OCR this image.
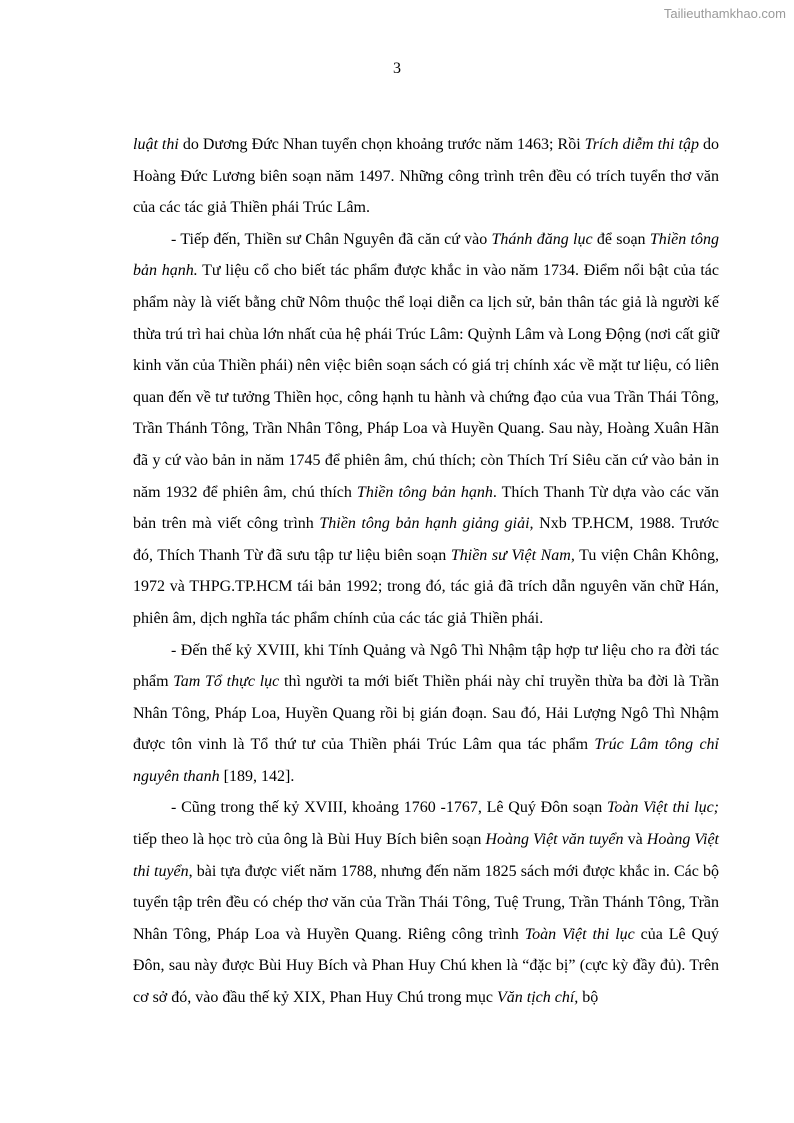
Tailieuthamkhao.com
3

luật thi do Dương Đức Nhan tuyển chọn khoảng trước năm 1463; Rồi Trích diễm thi tập do Hoàng Đức Lương biên soạn năm 1497. Những công trình trên đều có trích tuyển thơ văn của các tác giả Thiền phái Trúc Lâm.

- Tiếp đến, Thiền sư Chân Nguyên đã căn cứ vào Thánh đăng lục để soạn Thiền tông bản hạnh. Tư liệu cổ cho biết tác phẩm được khắc in vào năm 1734. Điểm nổi bật của tác phẩm này là viết bằng chữ Nôm thuộc thể loại diễn ca lịch sử, bản thân tác giả là người kế thừa trú trì hai chùa lớn nhất của hệ phái Trúc Lâm: Quỳnh Lâm và Long Động (nơi cất giữ kinh văn của Thiền phái) nên việc biên soạn sách có giá trị chính xác về mặt tư liệu, có liên quan đến về tư tưởng Thiền học, công hạnh tu hành và chứng đạo của vua Trần Thái Tông, Trần Thánh Tông, Trần Nhân Tông, Pháp Loa và Huyền Quang. Sau này, Hoàng Xuân Hãn đã y cứ vào bản in năm 1745 để phiên âm, chú thích; còn Thích Trí Siêu căn cứ vào bản in năm 1932 để phiên âm, chú thích Thiền tông bản hạnh. Thích Thanh Từ dựa vào các văn bản trên mà viết công trình Thiền tông bản hạnh giảng giải, Nxb TP.HCM, 1988. Trước đó, Thích Thanh Từ đã sưu tập tư liệu biên soạn Thiền sư Việt Nam, Tu viện Chân Không, 1972 và THPG.TP.HCM tái bản 1992; trong đó, tác giả đã trích dẫn nguyên văn chữ Hán, phiên âm, dịch nghĩa tác phẩm chính của các tác giả Thiền phái.

- Đến thế kỷ XVIII, khi Tính Quảng và Ngô Thì Nhậm tập hợp tư liệu cho ra đời tác phẩm Tam Tổ thực lục thì người ta mới biết Thiền phái này chỉ truyền thừa ba đời là Trần Nhân Tông, Pháp Loa, Huyền Quang rồi bị gián đoạn. Sau đó, Hải Lượng Ngô Thì Nhậm được tôn vinh là Tổ thứ tư của Thiền phái Trúc Lâm qua tác phẩm Trúc Lâm tông chỉ nguyên thanh [189, 142].

- Cũng trong thế kỷ XVIII, khoảng 1760 -1767, Lê Quý Đôn soạn Toàn Việt thi lục; tiếp theo là học trò của ông là Bùi Huy Bích biên soạn Hoàng Việt văn tuyển và Hoàng Việt thi tuyển, bài tựa được viết năm 1788, nhưng đến năm 1825 sách mới được khắc in. Các bộ tuyển tập trên đều có chép thơ văn của Trần Thái Tông, Tuệ Trung, Trần Thánh Tông, Trần Nhân Tông, Pháp Loa và Huyền Quang. Riêng công trình Toàn Việt thi lục của Lê Quý Đôn, sau này được Bùi Huy Bích và Phan Huy Chú khen là “đặc bị” (cực kỳ đầy đủ). Trên cơ sở đó, vào đầu thế kỷ XIX, Phan Huy Chú trong mục Văn tịch chí, bộ
